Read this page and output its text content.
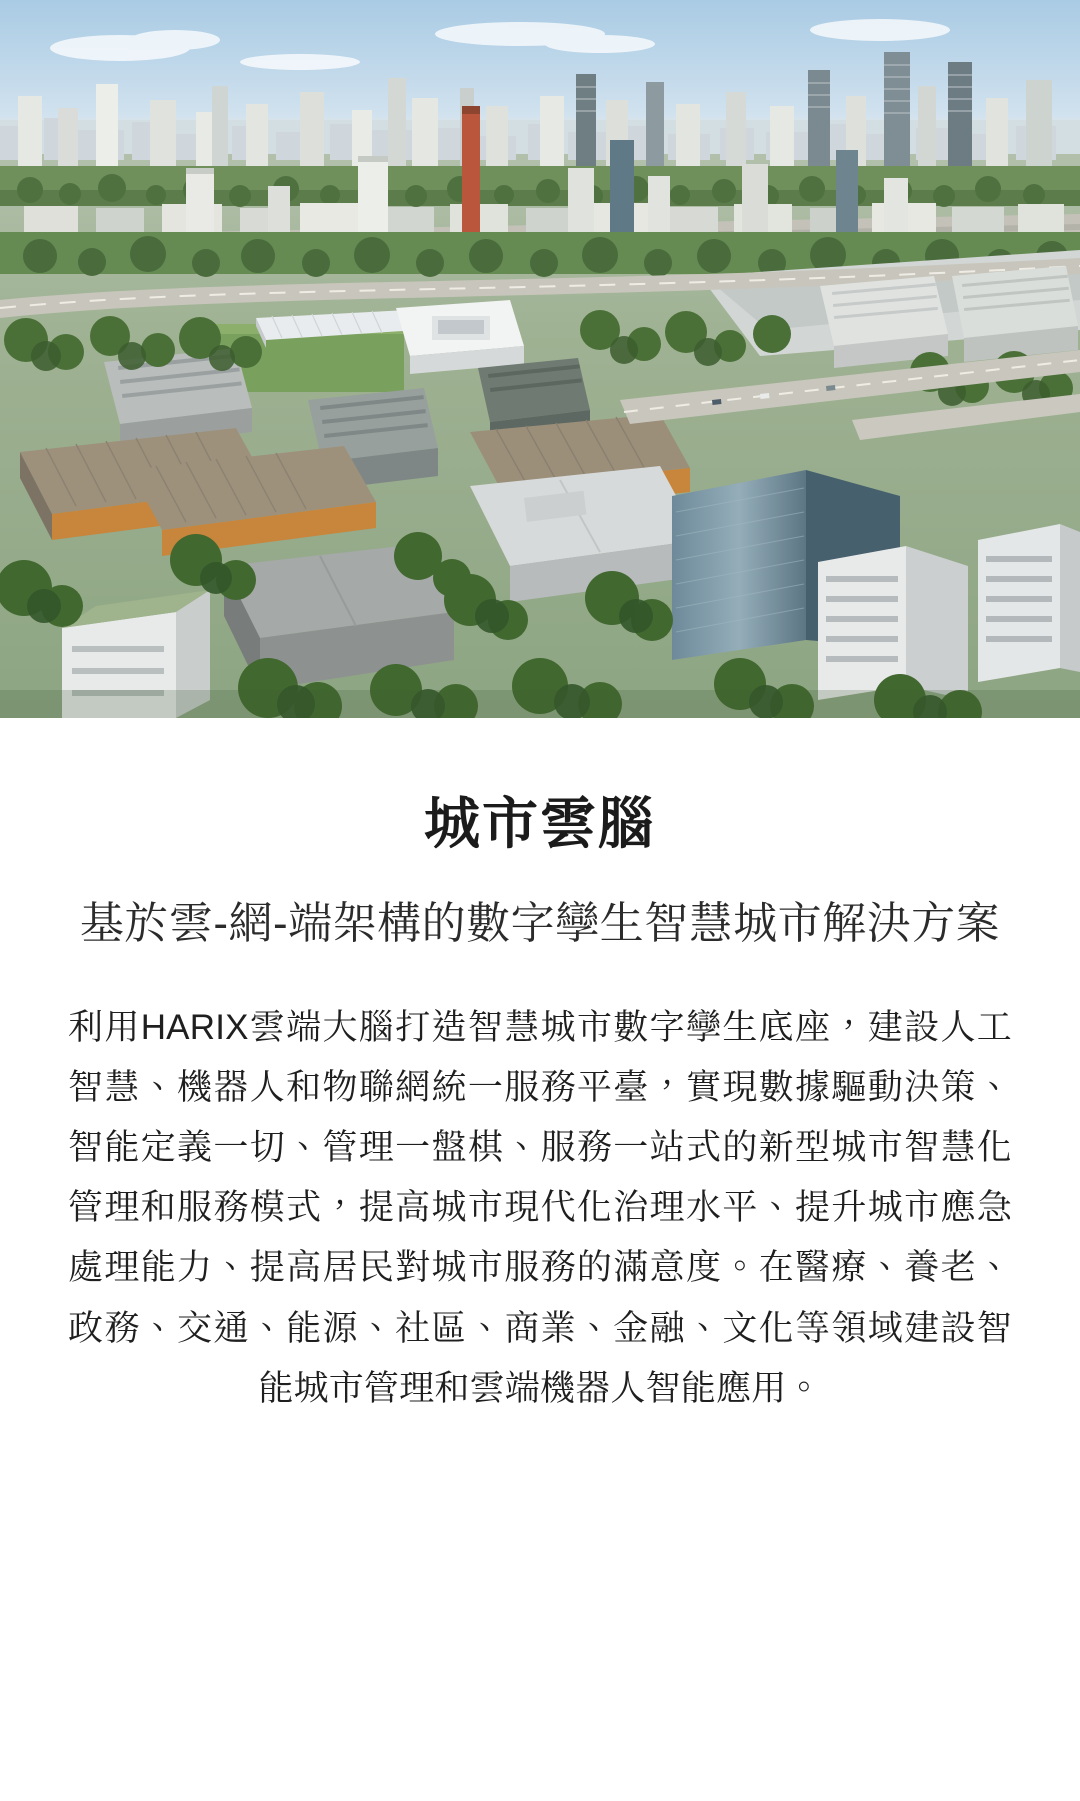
城市雲腦
基於雲-網-端架構的數字孿生智慧城市解決方案

利用HARIX雲端大腦打造智慧城市數字孿生底座，建設人工智慧、機器人和物聯網統一服務平臺，實現數據驅動決策、智能定義一切、管理一盤棋、服務一站式的新型城市智慧化管理和服務模式，提高城市現代化治理水平、提升城市應急處理能力、提高居民對城市服務的滿意度。在醫療、養老、政務、交通、能源、社區、商業、金融、文化等領域建設智能城市管理和雲端機器人智能應用。
